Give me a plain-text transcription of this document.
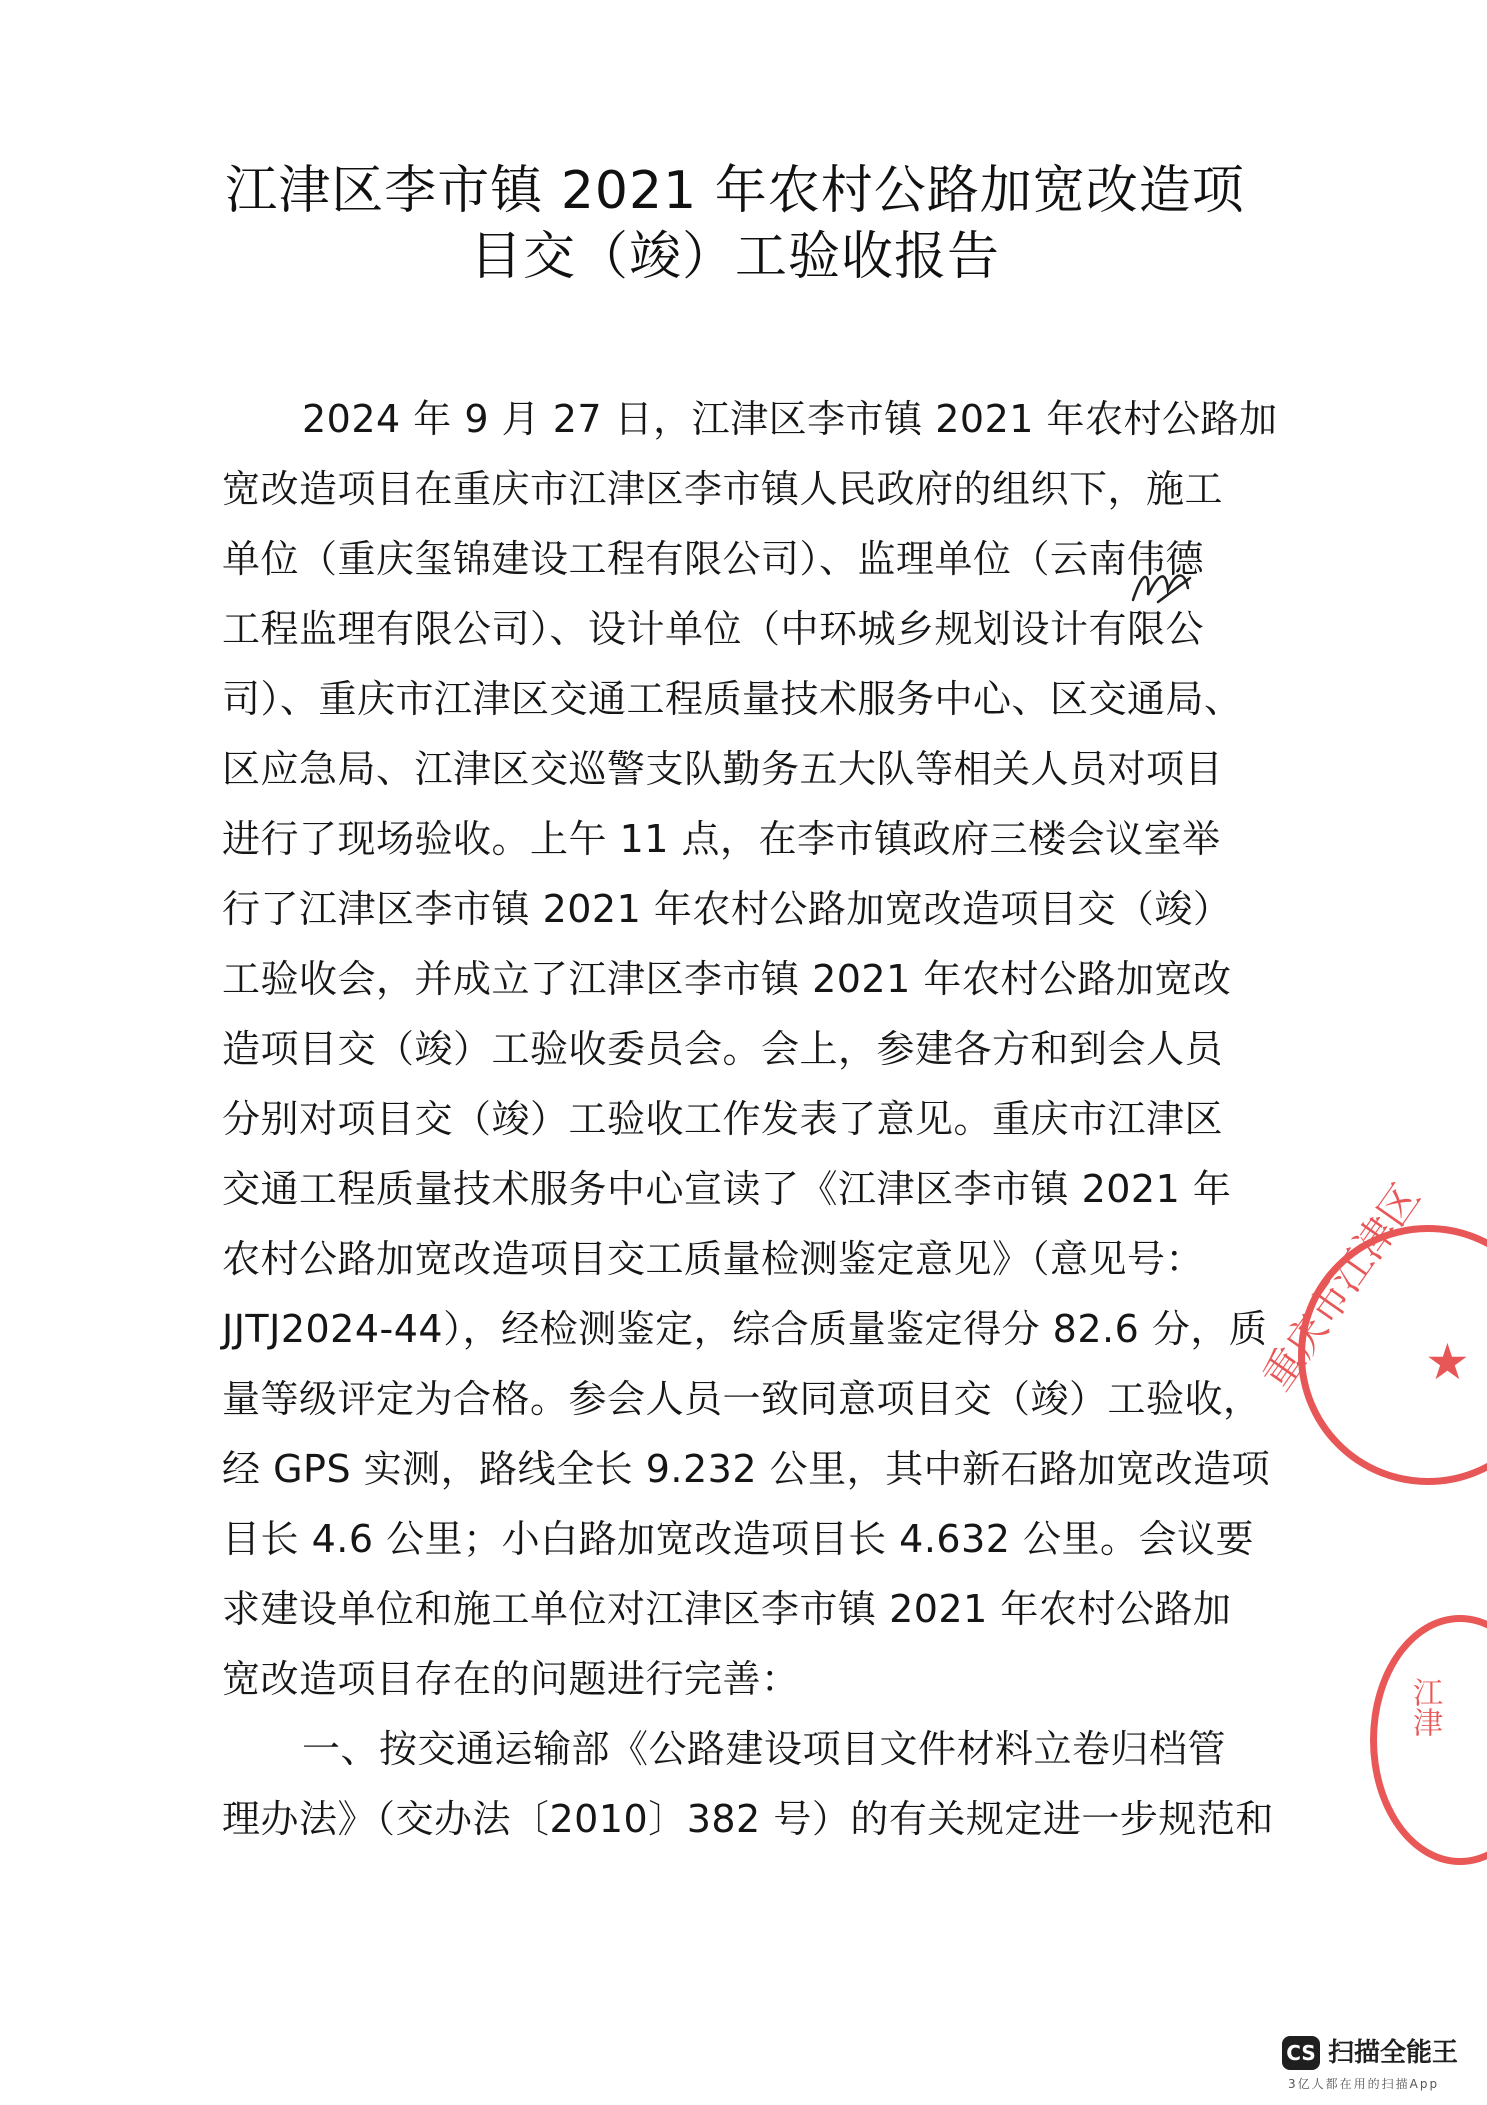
江津区李市镇 2021 年农村公路加宽改造项
目交（竣）工验收报告
2024 年 9 月 27 日，江津区李市镇 2021 年农村公路加
宽改造项目在重庆市江津区李市镇人民政府的组织下，施工
单位（重庆玺锦建设工程有限公司）、监理单位（云南伟德
工程监理有限公司）、设计单位（中环城乡规划设计有限公
司）、重庆市江津区交通工程质量技术服务中心、区交通局、
区应急局、江津区交巡警支队勤务五大队等相关人员对项目
进行了现场验收。上午 11 点，在李市镇政府三楼会议室举
行了江津区李市镇 2021 年农村公路加宽改造项目交（竣）
工验收会，并成立了江津区李市镇 2021 年农村公路加宽改
造项目交（竣）工验收委员会。会上，参建各方和到会人员
分别对项目交（竣）工验收工作发表了意见。重庆市江津区
交通工程质量技术服务中心宣读了《江津区李市镇 2021 年
农村公路加宽改造项目交工质量检测鉴定意见》（意见号：
JJTJ2024-44），经检测鉴定，综合质量鉴定得分 82.6 分，质
量等级评定为合格。参会人员一致同意项目交（竣）工验收，
经 GPS 实测，路线全长 9.232 公里，其中新石路加宽改造项
目长 4.6 公里；小白路加宽改造项目长 4.632 公里。会议要
求建设单位和施工单位对江津区李市镇 2021 年农村公路加
宽改造项目存在的问题进行完善：
一、按交通运输部《公路建设项目文件材料立卷归档管
理办法》（交办法〔2010〕382 号）的有关规定进一步规范和
重庆市江津区
★
江津
CS 扫描全能王
3亿人都在用的扫描App
